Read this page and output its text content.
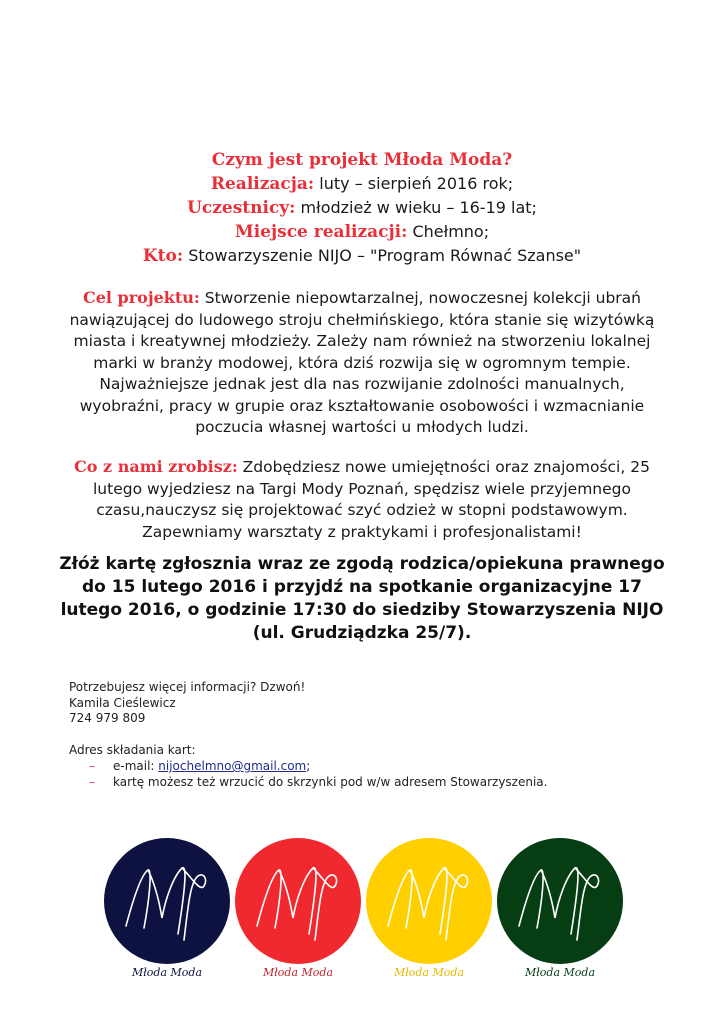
Czym jest projekt Młoda Moda?
Realizacja: luty – sierpień 2016 rok;
Uczestnicy: młodzież w wieku – 16-19 lat;
Miejsce realizacji: Chełmno;
Kto: Stowarzyszenie NIJO – "Program Równać Szanse"
Cel projektu: Stworzenie niepowtarzalnej, nowoczesnej kolekcji ubrań nawiązującej do ludowego stroju chełmińskiego, która stanie się wizytówką miasta i kreatywnej młodzieży. Zależy nam również na stworzeniu lokalnej marki w branży modowej, która dziś rozwija się w ogromnym tempie. Najważniejsze jednak jest dla nas rozwijanie zdolności manualnych, wyobraźni, pracy w grupie oraz kształtowanie osobowości i wzmacnianie poczucia własnej wartości u młodych ludzi.
Co z nami zrobisz: Zdobędziesz nowe umiejętności oraz znajomości, 25 lutego wyjedziesz na Targi Mody Poznań, spędzisz wiele przyjemnego czasu,nauczysz się projektować szyć odzież w stopni podstawowym. Zapewniamy warsztaty z praktykami i profesjonalistami!
Złóż kartę zgłosznia wraz ze zgodą rodzica/opiekuna prawnego do 15 lutego 2016 i przyjdź na spotkanie organizacyjne 17 lutego 2016, o godzinie 17:30 do siedziby Stowarzyszenia NIJO (ul. Grudziądzka 25/7).
Potrzebujesz więcej informacji? Dzwoń!
Kamila Cieślewicz
724 979 809
Adres składania kart:
– e-mail: nijochelmno@gmail.com;
– kartę możesz też wrzucić do skrzynki pod w/w adresem Stowarzyszenia.
Młoda Moda	Młoda Moda	Młoda Moda	Młoda Moda
